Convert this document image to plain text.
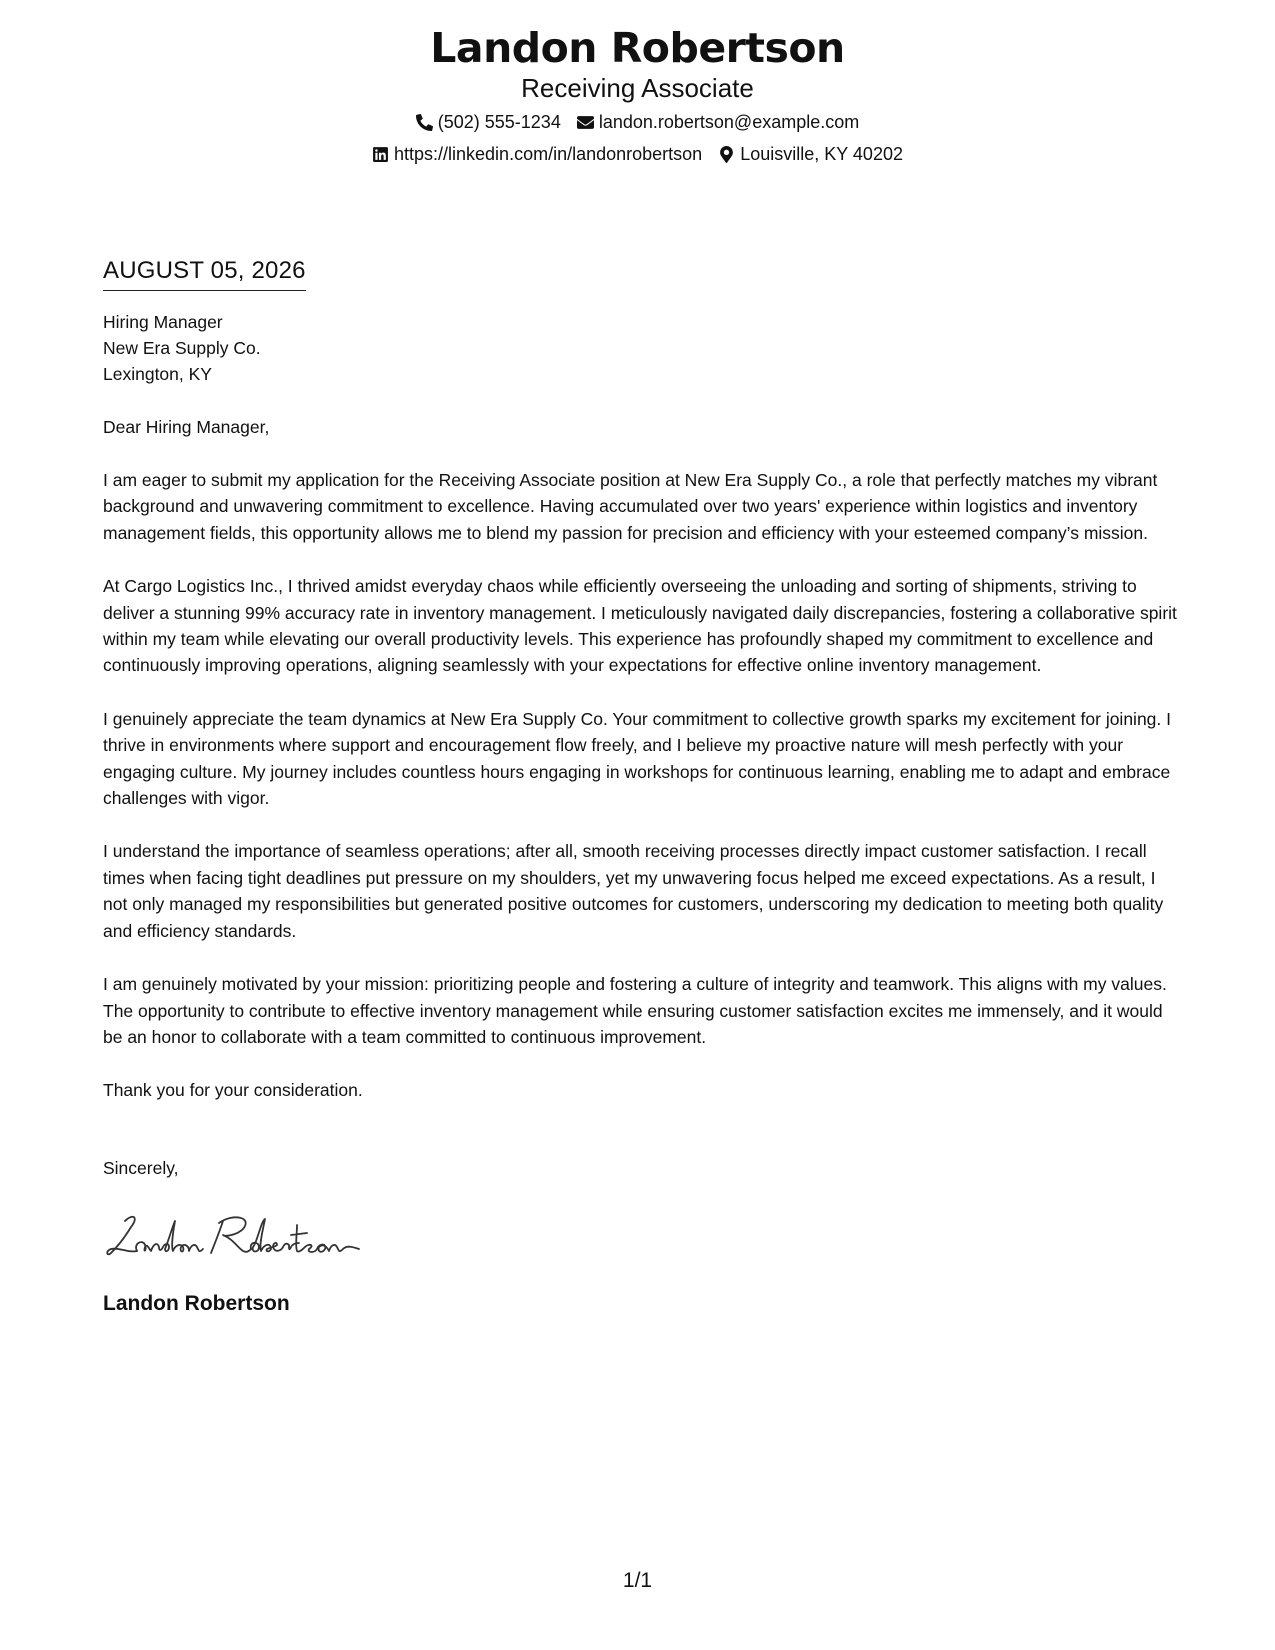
Landon Robertson
Receiving Associate
(502) 555-1234 landon.robertson@example.com
https://linkedin.com/in/landonrobertson Louisville, KY 40202
AUGUST 05, 2026
Hiring Manager
New Era Supply Co.
Lexington, KY
Dear Hiring Manager,
I am eager to submit my application for the Receiving Associate position at New Era Supply Co., a role that perfectly matches my vibrant background and unwavering commitment to excellence. Having accumulated over two years' experience within logistics and inventory management fields, this opportunity allows me to blend my passion for precision and efficiency with your esteemed company’s mission.
At Cargo Logistics Inc., I thrived amidst everyday chaos while efficiently overseeing the unloading and sorting of shipments, striving to deliver a stunning 99% accuracy rate in inventory management. I meticulously navigated daily discrepancies, fostering a collaborative spirit within my team while elevating our overall productivity levels. This experience has profoundly shaped my commitment to excellence and continuously improving operations, aligning seamlessly with your expectations for effective online inventory management.
I genuinely appreciate the team dynamics at New Era Supply Co. Your commitment to collective growth sparks my excitement for joining. I thrive in environments where support and encouragement flow freely, and I believe my proactive nature will mesh perfectly with your engaging culture. My journey includes countless hours engaging in workshops for continuous learning, enabling me to adapt and embrace challenges with vigor.
I understand the importance of seamless operations; after all, smooth receiving processes directly impact customer satisfaction. I recall times when facing tight deadlines put pressure on my shoulders, yet my unwavering focus helped me exceed expectations. As a result, I not only managed my responsibilities but generated positive outcomes for customers, underscoring my dedication to meeting both quality and efficiency standards.
I am genuinely motivated by your mission: prioritizing people and fostering a culture of integrity and teamwork. This aligns with my values. The opportunity to contribute to effective inventory management while ensuring customer satisfaction excites me immensely, and it would be an honor to collaborate with a team committed to continuous improvement.
Thank you for your consideration.
Sincerely,
Landon Robertson
1/1
